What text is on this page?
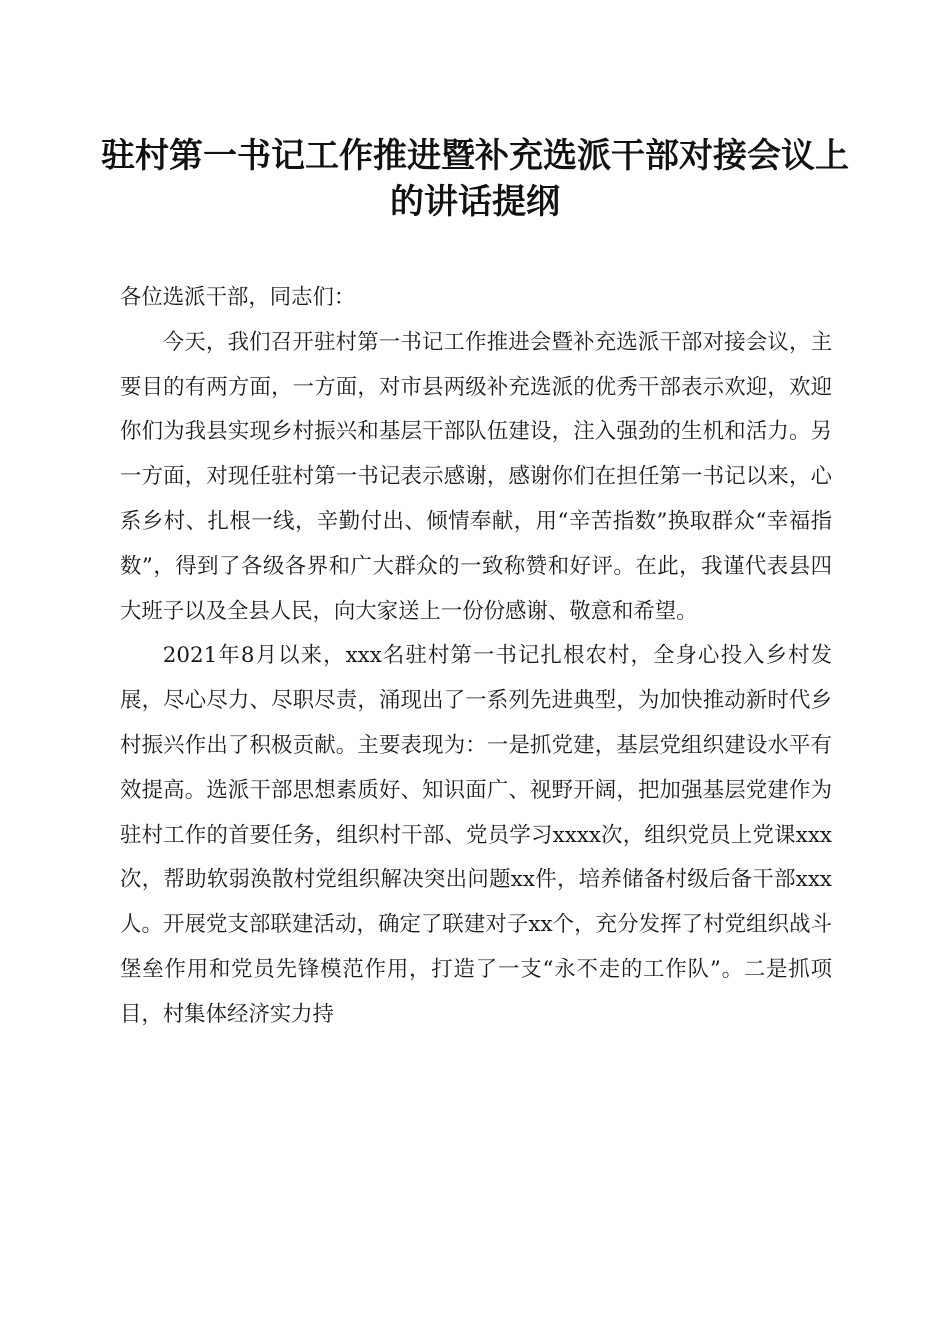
驻村第一书记工作推进暨补充选派干部对接会议上的讲话提纲

各位选派干部，同志们：

今天，我们召开驻村第一书记工作推进会暨补充选派干部对接会议，主要目的有两方面，一方面，对市县两级补充选派的优秀干部表示欢迎，欢迎你们为我县实现乡村振兴和基层干部队伍建设，注入强劲的生机和活力。另一方面，对现任驻村第一书记表示感谢，感谢你们在担任第一书记以来，心系乡村、扎根一线，辛勤付出、倾情奉献，用“辛苦指数”换取群众“幸福指数”，得到了各级各界和广大群众的一致称赞和好评。在此，我谨代表县四大班子以及全县人民，向大家送上一份份感谢、敬意和希望。

2021年8月以来，xxx名驻村第一书记扎根农村，全身心投入乡村发展，尽心尽力、尽职尽责，涌现出了一系列先进典型，为加快推动新时代乡村振兴作出了积极贡献。主要表现为：一是抓党建，基层党组织建设水平有效提高。选派干部思想素质好、知识面广、视野开阔，把加强基层党建作为驻村工作的首要任务，组织村干部、党员学习xxxx次，组织党员上党课xxx次，帮助软弱涣散村党组织解决突出问题xx件，培养储备村级后备干部xxx人。开展党支部联建活动，确定了联建对子xx个，充分发挥了村党组织战斗堡垒作用和党员先锋模范作用，打造了一支“永不走的工作队”。二是抓项目，村集体经济实力持
